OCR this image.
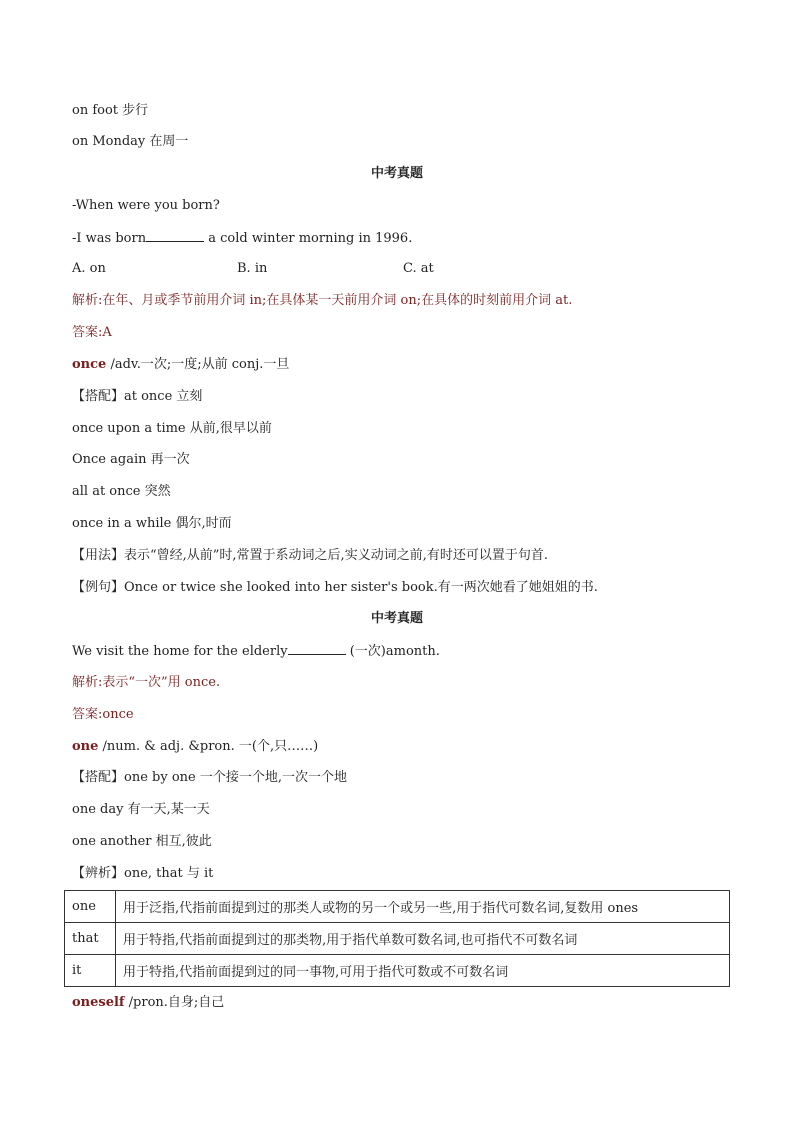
on foot 步行
on Monday 在周一
中考真题
-When were you born?
-I was born	a cold winter morning in 1996.
A. on	B. in	C. at
解析:在年、月或季节前用介词 in;在具体某一天前用介词 on;在具体的时刻前用介词 at.
答案:A
once /adv.一次;一度;从前 conj.一旦
【搭配】at once 立刻
once upon a time 从前,很早以前
Once again 再一次
all at once 突然
once in a while 偶尔,时而
【用法】表示“曾经,从前”时,常置于系动词之后,实义动词之前,有时还可以置于句首.
【例句】Once or twice she looked into her sister's book.有一两次她看了她姐姐的书.
中考真题
We visit the home for the elderly	(一次)amonth.
解析:表示“一次”用 once.
答案:once
one /num. & adj. &pron. 一(个,只……)
【搭配】one by one 一个接一个地,一次一个地
one day 有一天,某一天
one another 相互,彼此
【辨析】one, that 与 it
one	用于泛指,代指前面提到过的那类人或物的另一个或另一些,用于指代可数名词,复数用 ones
that	用于特指,代指前面提到过的那类物,用于指代单数可数名词,也可指代不可数名词
it	用于特指,代指前面提到过的同一事物,可用于指代可数或不可数名词
oneself /pron.自身;自己
